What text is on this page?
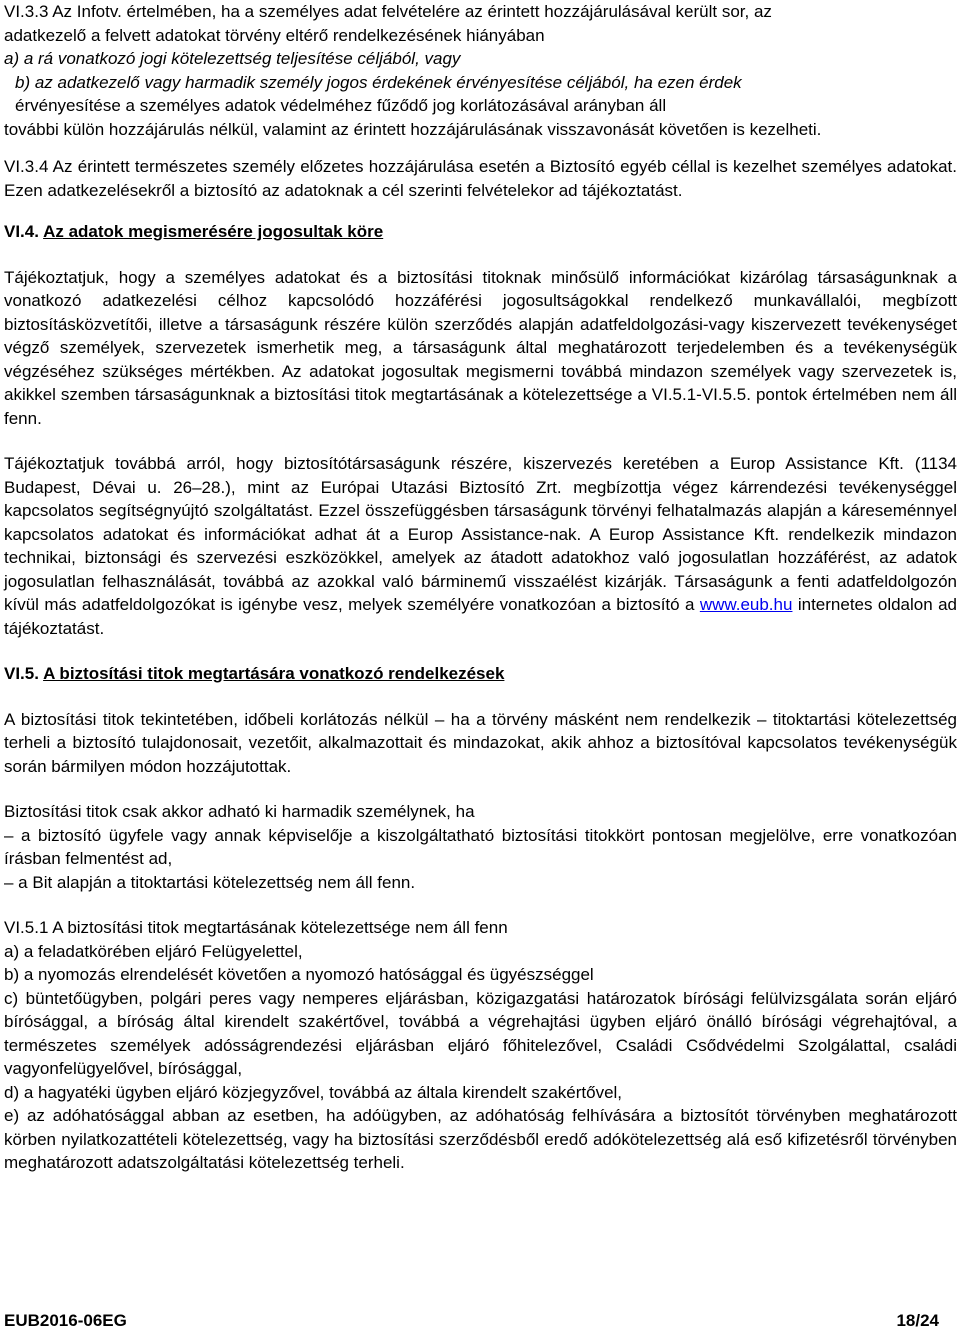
VI.3.3 Az Infotv. értelmében, ha a személyes adat felvételére az érintett hozzájárulásával került sor, az

adatkezelő a felvett adatokat törvény eltérő rendelkezésének hiányában

a) a rá vonatkozó jogi kötelezettség teljesítése céljából, vagy

b) az adatkezelő vagy harmadik személy jogos érdekének érvényesítése céljából, ha ezen érdek

érvényesítése a személyes adatok védelméhez fűződő jog korlátozásával arányban áll

további külön hozzájárulás nélkül, valamint az érintett hozzájárulásának visszavonását követően is kezelheti.

VI.3.4 Az érintett természetes személy előzetes hozzájárulása esetén a Biztosító egyéb céllal is kezelhet személyes adatokat. Ezen adatkezelésekről a biztosító az adatoknak a cél szerinti felvételekor ad tájékoztatást.

VI.4. Az adatok megismerésére jogosultak köre

Tájékoztatjuk, hogy a személyes adatokat és a biztosítási titoknak minősülő információkat kizárólag társaságunknak a vonatkozó adatkezelési célhoz kapcsolódó hozzáférési jogosultságokkal rendelkező munkavállalói, megbízott biztosításközvetítői, illetve a társaságunk részére külön szerződés alapján adatfeldolgozási-vagy kiszervezett tevékenységet végző személyek, szervezetek ismerhetik meg, a társaságunk által meghatározott terjedelemben és a tevékenységük végzéséhez szükséges mértékben. Az adatokat jogosultak megismerni továbbá mindazon személyek vagy szervezetek is, akikkel szemben társaságunknak a biztosítási titok megtartásának a kötelezettsége a VI.5.1-VI.5.5. pontok értelmében nem áll fenn.

Tájékoztatjuk továbbá arról, hogy biztosítótársaságunk részére, kiszervezés keretében a Europ Assistance Kft. (1134 Budapest, Dévai u. 26–28.), mint az Európai Utazási Biztosító Zrt. megbízottja végez kárrendezési tevékenységgel kapcsolatos segítségnyújtó szolgáltatást. Ezzel összefüggésben társaságunk törvényi felhatalmazás alapján a káreseménnyel kapcsolatos adatokat és információkat adhat át a Europ Assistance-nak. A Europ Assistance Kft. rendelkezik mindazon technikai, biztonsági és szervezési eszközökkel, amelyek az átadott adatokhoz való jogosulatlan hozzáférést, az adatok jogosulatlan felhasználását, továbbá az azokkal való bárminemű visszaélést kizárják. Társaságunk a fenti adatfeldolgozón kívül más adatfeldolgozókat is igénybe vesz, melyek személyére vonatkozóan a biztosító a www.eub.hu internetes oldalon ad tájékoztatást.

VI.5. A biztosítási titok megtartására vonatkozó rendelkezések

A biztosítási titok tekintetében, időbeli korlátozás nélkül – ha a törvény másként nem rendelkezik – titoktartási kötelezettség terheli a biztosító tulajdonosait, vezetőit, alkalmazottait és mindazokat, akik ahhoz a biztosítóval kapcsolatos tevékenységük során bármilyen módon hozzájutottak.

Biztosítási titok csak akkor adható ki harmadik személynek, ha

– a biztosító ügyfele vagy annak képviselője a kiszolgáltatható biztosítási titokkört pontosan megjelölve, erre vonatkozóan írásban felmentést ad,

– a Bit alapján a titoktartási kötelezettség nem áll fenn.

VI.5.1 A biztosítási titok megtartásának kötelezettsége nem áll fenn

a) a feladatkörében eljáró Felügyelettel,

b) a nyomozás elrendelését követően a nyomozó hatósággal és ügyészséggel

c) büntetőügyben, polgári peres vagy nemperes eljárásban, közigazgatási határozatok bírósági felülvizsgálata során eljáró bírósággal, a bíróság által kirendelt szakértővel, továbbá a végrehajtási ügyben eljáró önálló bírósági végrehajtóval, a természetes személyek adósságrendezési eljárásban eljáró főhitelezővel, Családi Csődvédelmi Szolgálattal, családi vagyonfelügyelővel, bírósággal,

d) a hagyatéki ügyben eljáró közjegyzővel, továbbá az általa kirendelt szakértővel,

e) az adóhatósággal abban az esetben, ha adóügyben, az adóhatóság felhívására a biztosítót törvényben meghatározott körben nyilatkozattételi kötelezettség, vagy ha biztosítási szerződésből eredő adókötelezettség alá eső kifizetésről törvényben meghatározott adatszolgáltatási kötelezettség terheli.

EUB2016-06EG	18/24
